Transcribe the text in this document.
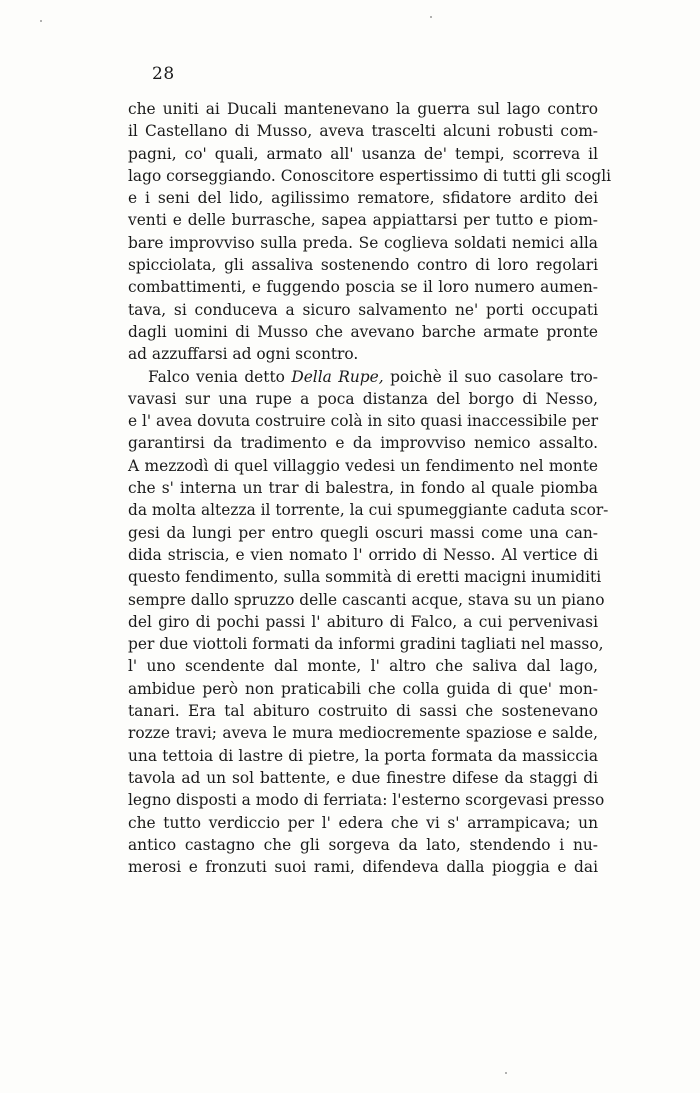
28
che uniti ai Ducali mantenevano la guerra sul lago contro
il Castellano di Musso, aveva trascelti alcuni robusti com-
pagni, co' quali, armato all' usanza de' tempi, scorreva il
lago corseggiando. Conoscitore espertissimo di tutti gli scogli
e i seni del lido, agilissimo rematore, sfidatore ardito dei
venti e delle burrasche, sapea appiattarsi per tutto e piom-
bare improvviso sulla preda. Se coglieva soldati nemici alla
spicciolata, gli assaliva sostenendo contro di loro regolari
combattimenti, e fuggendo poscia se il loro numero aumen-
tava, si conduceva a sicuro salvamento ne' porti occupati
dagli uomini di Musso che avevano barche armate pronte
ad azzuffarsi ad ogni scontro.
Falco venia detto Della Rupe, poichè il suo casolare tro-
vavasi sur una rupe a poca distanza del borgo di Nesso,
e l' avea dovuta costruire colà in sito quasi inaccessibile per
garantirsi da tradimento e da improvviso nemico assalto.
A mezzodì di quel villaggio vedesi un fendimento nel monte
che s' interna un trar di balestra, in fondo al quale piomba
da molta altezza il torrente, la cui spumeggiante caduta scor-
gesi da lungi per entro quegli oscuri massi come una can-
dida striscia, e vien nomato l' orrido di Nesso. Al vertice di
questo fendimento, sulla sommità di eretti macigni inumiditi
sempre dallo spruzzo delle cascanti acque, stava su un piano
del giro di pochi passi l' abituro di Falco, a cui pervenivasi
per due viottoli formati da informi gradini tagliati nel masso,
l' uno scendente dal monte, l' altro che saliva dal lago,
ambidue però non praticabili che colla guida di que' mon-
tanari. Era tal abituro costruito di sassi che sostenevano
rozze travi; aveva le mura mediocremente spaziose e salde,
una tettoia di lastre di pietre, la porta formata da massiccia
tavola ad un sol battente, e due finestre difese da staggi di
legno disposti a modo di ferriata: l'esterno scorgevasi presso
che tutto verdiccio per l' edera che vi s' arrampicava; un
antico castagno che gli sorgeva da lato, stendendo i nu-
merosi e fronzuti suoi rami, difendeva dalla pioggia e dai
